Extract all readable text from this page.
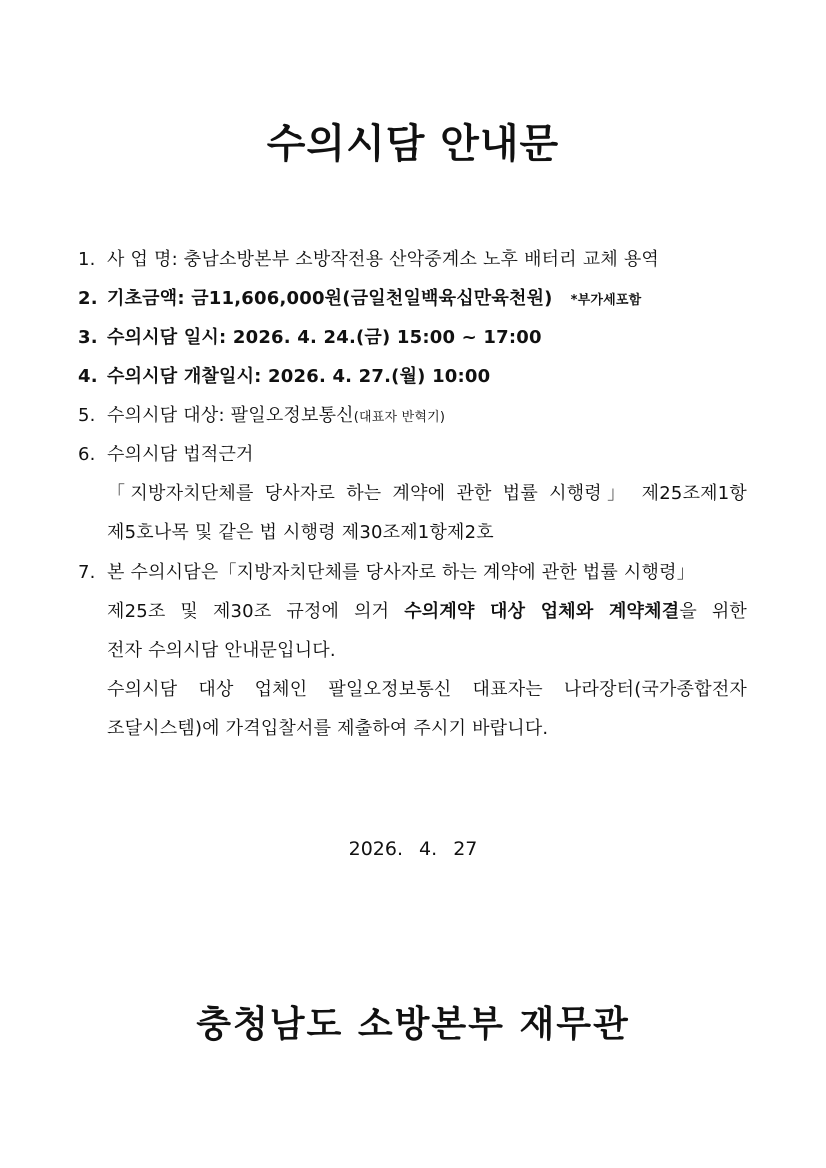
수의시담 안내문
1. 사 업 명: 충남소방본부 소방작전용 산악중계소 노후 배터리 교체 용역
2. 기초금액: 금11,606,000원(금일천일백육십만육천원) *부가세포함
3. 수의시담 일시: 2026. 4. 24.(금) 15:00 ~ 17:00
4. 수의시담 개찰일시: 2026. 4. 27.(월) 10:00
5. 수의시담 대상: 팔일오정보통신(대표자 반혁기)
6. 수의시담 법적근거
「지방자치단체를 당사자로 하는 계약에 관한 법률 시행령」 제25조제1항
제5호나목 및 같은 법 시행령 제30조제1항제2호
7. 본 수의시담은「지방자치단체를 당사자로 하는 계약에 관한 법률 시행령」
제25조 및 제30조 규정에 의거 수의계약 대상 업체와 계약체결을 위한
전자 수의시담 안내문입니다.
수의시담 대상 업체인 팔일오정보통신 대표자는 나라장터(국가종합전자
조달시스템)에 가격입찰서를 제출하여 주시기 바랍니다.
2026. 4. 27
충청남도 소방본부 재무관
